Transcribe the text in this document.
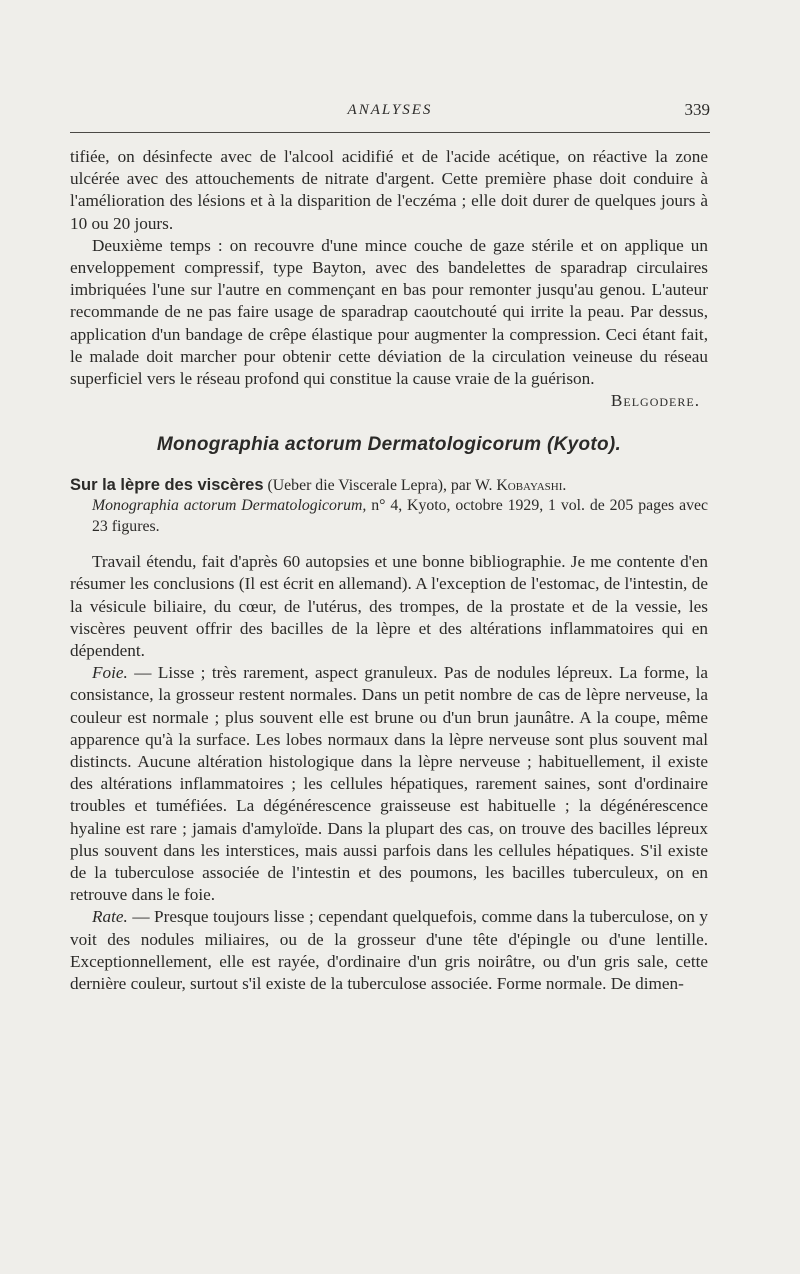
ANALYSES	339

tifiée, on désinfecte avec de l'alcool acidifié et de l'acide acétique, on réactive la zone ulcérée avec des attouchements de nitrate d'argent. Cette première phase doit conduire à l'amélioration des lésions et à la disparition de l'eczéma ; elle doit durer de quelques jours à 10 ou 20 jours.

Deuxième temps : on recouvre d'une mince couche de gaze stérile et on applique un enveloppement compressif, type Bayton, avec des bandelettes de sparadrap circulaires imbriquées l'une sur l'autre en commençant en bas pour remonter jusqu'au genou. L'auteur recommande de ne pas faire usage de sparadrap caoutchouté qui irrite la peau. Par dessus, application d'un bandage de crêpe élastique pour augmenter la compression. Ceci étant fait, le malade doit marcher pour obtenir cette déviation de la circulation veineuse du réseau superficiel vers le réseau profond qui constitue la cause vraie de la guérison.

Belgodere.

Monographia actorum Dermatologicorum (Kyoto).

Sur la lèpre des viscères (Ueber die Viscerale Lepra), par W. Kobayashi.
Monographia actorum Dermatologicorum, n° 4, Kyoto, octobre 1929, 1 vol. de 205 pages avec 23 figures.

Travail étendu, fait d'après 60 autopsies et une bonne bibliographie. Je me contente d'en résumer les conclusions (Il est écrit en allemand). A l'exception de l'estomac, de l'intestin, de la vésicule biliaire, du cœur, de l'utérus, des trompes, de la prostate et de la vessie, les viscères peuvent offrir des bacilles de la lèpre et des altérations inflammatoires qui en dépendent.

Foie. — Lisse ; très rarement, aspect granuleux. Pas de nodules lépreux. La forme, la consistance, la grosseur restent normales. Dans un petit nombre de cas de lèpre nerveuse, la couleur est normale ; plus souvent elle est brune ou d'un brun jaunâtre. A la coupe, même apparence qu'à la surface. Les lobes normaux dans la lèpre nerveuse sont plus souvent mal distincts. Aucune altération histologique dans la lèpre nerveuse ; habituellement, il existe des altérations inflammatoires ; les cellules hépatiques, rarement saines, sont d'ordinaire troubles et tuméfiées. La dégénérescence graisseuse est habituelle ; la dégénérescence hyaline est rare ; jamais d'amyloïde. Dans la plupart des cas, on trouve des bacilles lépreux plus souvent dans les interstices, mais aussi parfois dans les cellules hépatiques. S'il existe de la tuberculose associée de l'intestin et des poumons, les bacilles tuberculeux, on en retrouve dans le foie.

Rate. — Presque toujours lisse ; cependant quelquefois, comme dans la tuberculose, on y voit des nodules miliaires, ou de la grosseur d'une tête d'épingle ou d'une lentille. Exceptionnellement, elle est rayée, d'ordinaire d'un gris noirâtre, ou d'un gris sale, cette dernière couleur, surtout s'il existe de la tuberculose associée. Forme normale. De dimen-
